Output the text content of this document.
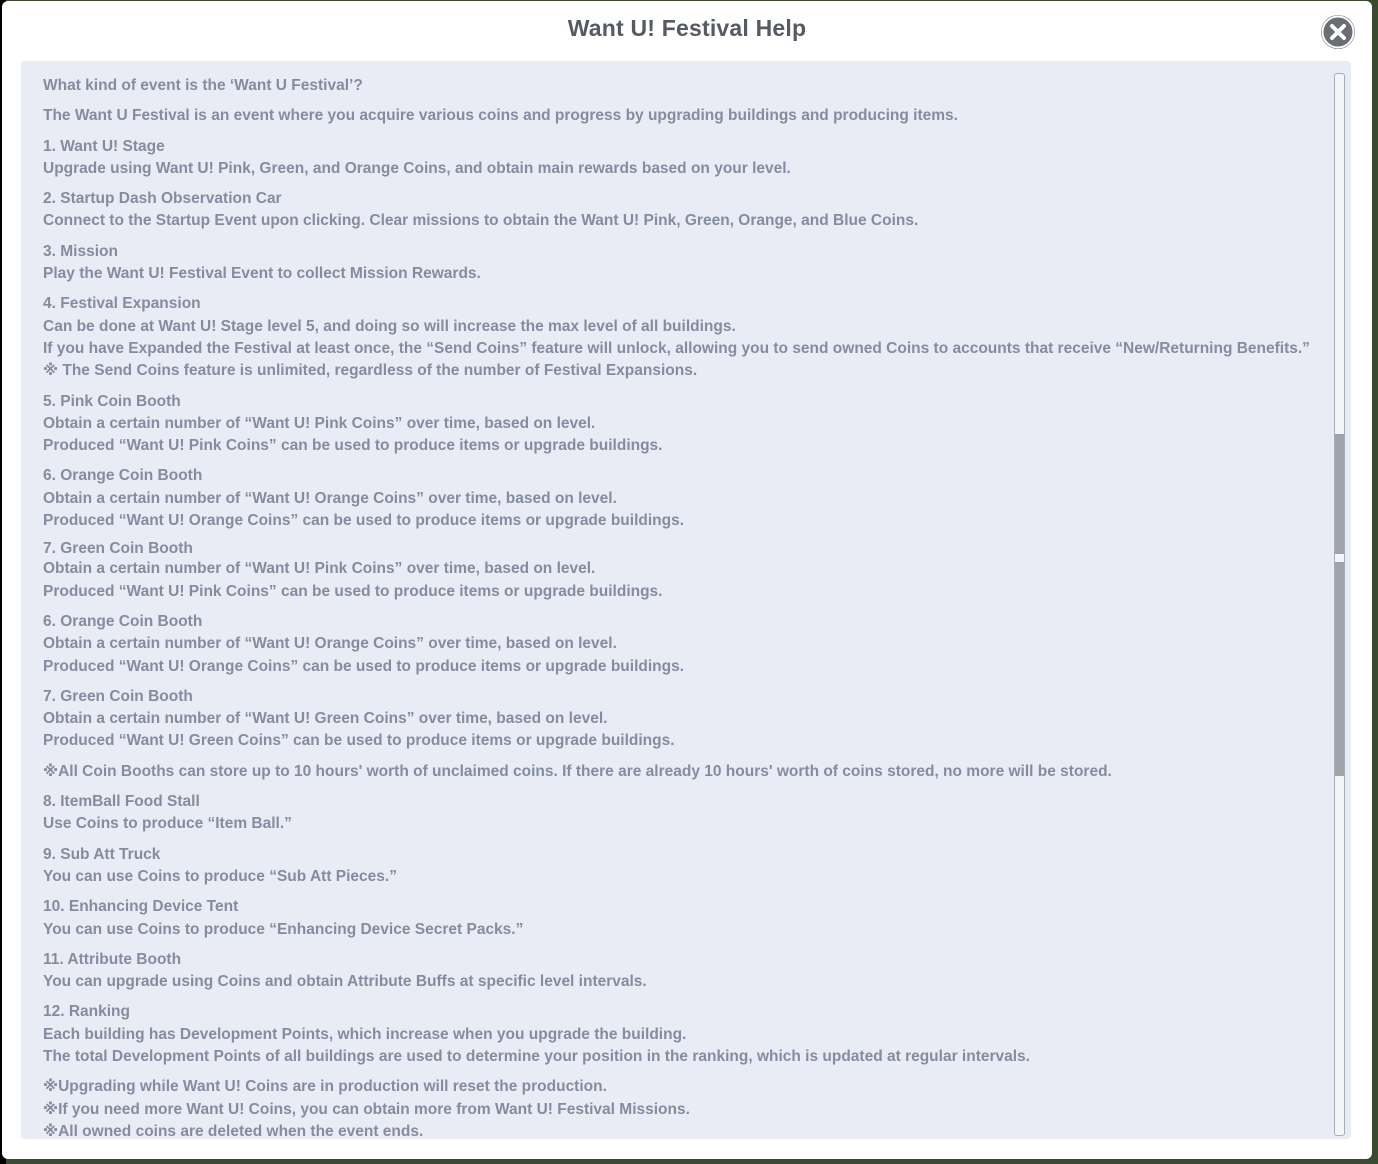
Want U! Festival Help

What kind of event is the ‘Want U Festival’?

The Want U Festival is an event where you acquire various coins and progress by upgrading buildings and producing items.

1. Want U! Stage

Upgrade using Want U! Pink, Green, and Orange Coins, and obtain main rewards based on your level.

2. Startup Dash Observation Car

Connect to the Startup Event upon clicking. Clear missions to obtain the Want U! Pink, Green, Orange, and Blue Coins.

3. Mission

Play the Want U! Festival Event to collect Mission Rewards.

4. Festival Expansion

Can be done at Want U! Stage level 5, and doing so will increase the max level of all buildings.

If you have Expanded the Festival at least once, the “Send Coins” feature will unlock, allowing you to send owned Coins to accounts that receive “New/Returning Benefits.”

※ The Send Coins feature is unlimited, regardless of the number of Festival Expansions.

5. Pink Coin Booth

Obtain a certain number of “Want U! Pink Coins” over time, based on level.

Produced “Want U! Pink Coins” can be used to produce items or upgrade buildings.

6. Orange Coin Booth

Obtain a certain number of “Want U! Orange Coins” over time, based on level.

Produced “Want U! Orange Coins” can be used to produce items or upgrade buildings.

7. Green Coin Booth

Obtain a certain number of “Want U! Pink Coins” over time, based on level.

Produced “Want U! Pink Coins” can be used to produce items or upgrade buildings.

6. Orange Coin Booth

Obtain a certain number of “Want U! Orange Coins” over time, based on level.

Produced “Want U! Orange Coins” can be used to produce items or upgrade buildings.

7. Green Coin Booth

Obtain a certain number of “Want U! Green Coins” over time, based on level.

Produced “Want U! Green Coins” can be used to produce items or upgrade buildings.

※All Coin Booths can store up to 10 hours' worth of unclaimed coins. If there are already 10 hours' worth of coins stored, no more will be stored.

8. ItemBall Food Stall

Use Coins to produce “Item Ball.”

9. Sub Att Truck

You can use Coins to produce “Sub Att Pieces.”

10. Enhancing Device Tent

You can use Coins to produce “Enhancing Device Secret Packs.”

11. Attribute Booth

You can upgrade using Coins and obtain Attribute Buffs at specific level intervals.

12. Ranking

Each building has Development Points, which increase when you upgrade the building.

The total Development Points of all buildings are used to determine your position in the ranking, which is updated at regular intervals.

※Upgrading while Want U! Coins are in production will reset the production.

※If you need more Want U! Coins, you can obtain more from Want U! Festival Missions.

※All owned coins are deleted when the event ends.
